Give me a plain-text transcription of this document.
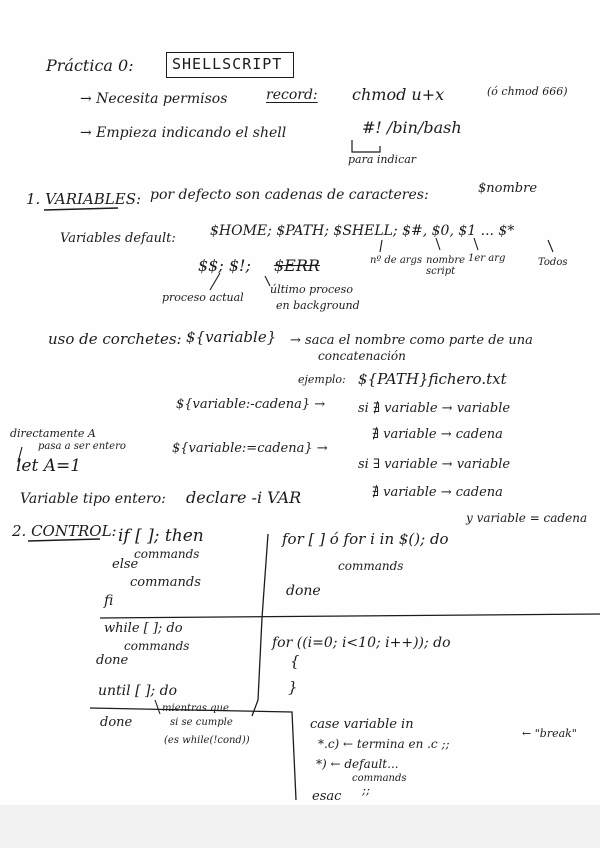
Práctica 0:	SHELLSCRIPT
→ Necesita permisos	record: chmod u+x	(ó chmod 666)
→ Empieza indicando el shell	#! /bin/bash
para indicar
1. VARIABLES: por defecto son cadenas de caracteres:	$nombre
Variables default: $HOME; $PATH; $SHELL; $#, $0, $1 ... $*
nº de args nombre script
1er arg	Todos
$$; $!; $ERR
proceso actual
último proceso
en background
uso de corchetes: ${variable} → saca el nombre como parte de una
concatenación
ejemplo: ${PATH}fichero.txt
${variable:-cadena} →	si ∄ variable → variable
∄ variable → cadena
${variable:=cadena} →
si ∃ variable → variable
∄ variable → cadena
y variable = cadena
directamente A
pasa a ser entero
let A=1
Variable tipo entero: declare -i VAR
2. CONTROL: if [ ]; then
commands
else
commands
fi
for [ ] ó for i in $(); do
commands
done
while [ ]; do
commands
done
for ((i=0; i<10; i++)); do
{
}
until [ ]; do
mientras que
si se cumple
(es while(!cond))
done	case variable in
*.c) ← termina en .c ;;
← "break"
*) ← default...
commands
;;
esac
